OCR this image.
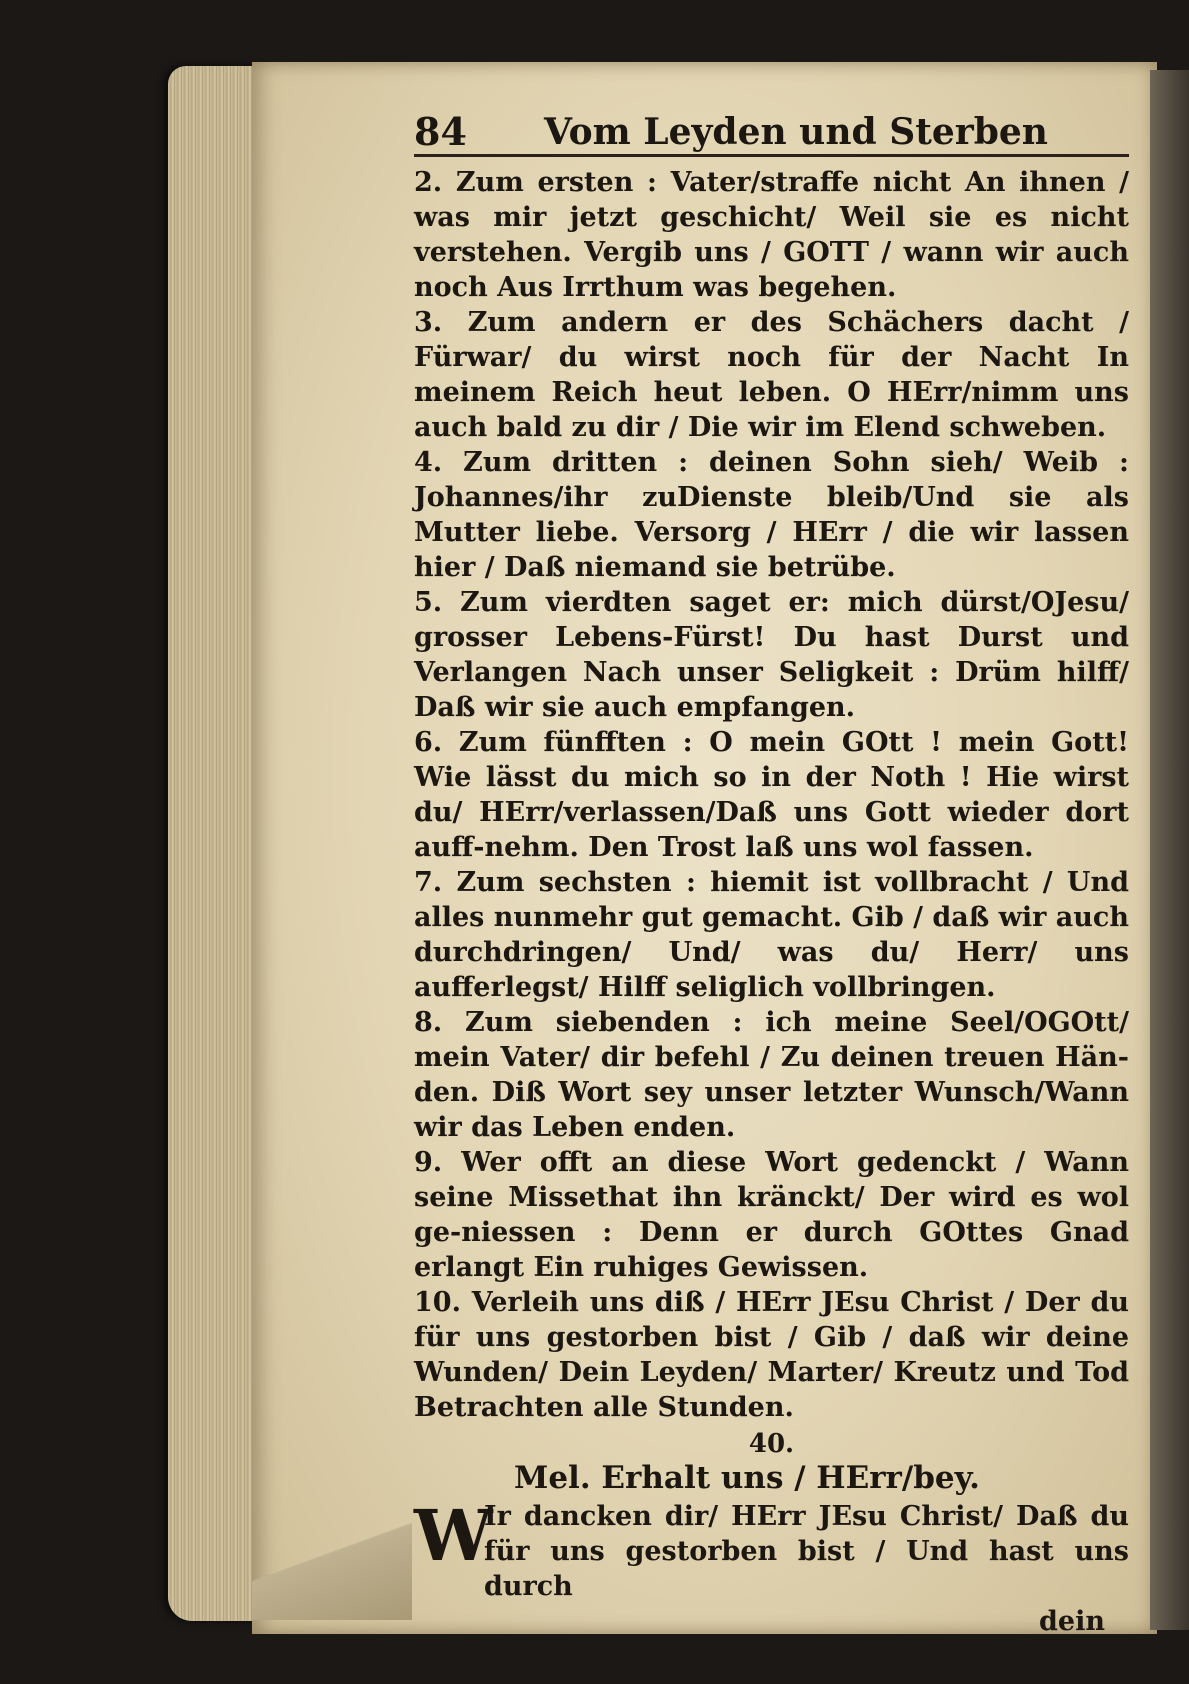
84 Vom Leyden und Sterben

2. Zum ersten : Vater/straffe nicht An ihnen / was mir jetzt geschicht/ Weil sie es nicht verstehen. Vergib uns / GOTT / wann wir auch noch Aus Irrthum was begehen.

3. Zum andern er des Schächers dacht / Fürwar/ du wirst noch für der Nacht In meinem Reich heut leben. O HErr/nimm uns auch bald zu dir / Die wir im Elend schweben.

4. Zum dritten : deinen Sohn sieh/ Weib : Johannes/ihr zuDienste bleib/Und sie als Mutter liebe. Versorg / HErr / die wir lassen hier / Daß niemand sie betrübe.

5. Zum vierdten saget er: mich dürst/OJesu/ grosser Lebens-Fürst! Du hast Durst und Verlangen Nach unser Seligkeit : Drüm hilff/ Daß wir sie auch empfangen.

6. Zum fünfften : O mein GOtt ! mein Gott! Wie lässt du mich so in der Noth ! Hie wirst du/ HErr/verlassen/Daß uns Gott wieder dort auff-nehm. Den Trost laß uns wol fassen.

7. Zum sechsten : hiemit ist vollbracht / Und alles nunmehr gut gemacht. Gib / daß wir auch durchdringen/ Und/ was du/ Herr/ uns aufferlegst/ Hilff seliglich vollbringen.

8. Zum siebenden : ich meine Seel/OGOtt/ mein Vater/ dir befehl / Zu deinen treuen Hän-den. Diß Wort sey unser letzter Wunsch/Wann wir das Leben enden.

9. Wer offt an diese Wort gedenckt / Wann seine Missethat ihn kränckt/ Der wird es wol ge-niessen : Denn er durch GOttes Gnad erlangt Ein ruhiges Gewissen.

10. Verleih uns diß / HErr JEsu Christ / Der du für uns gestorben bist / Gib / daß wir deine Wunden/ Dein Leyden/ Marter/ Kreutz und Tod Betrachten alle Stunden.

40.
Mel. Erhalt uns / HErr/bey.
W
Ir dancken dir/ HErr JEsu Christ/ Daß du für uns gestorben bist / Und hast uns durch
dein
